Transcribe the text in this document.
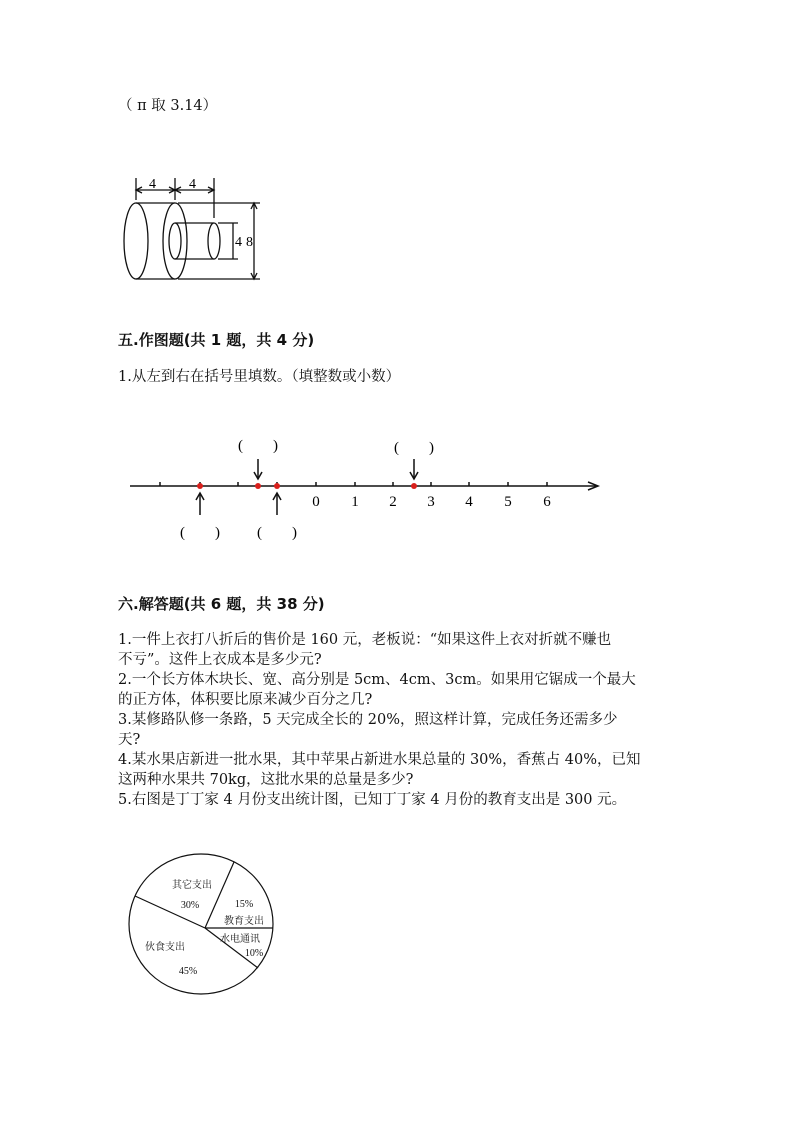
（ π 取 3.14）
4 4
4 8
五.作图题(共 1 题，共 4 分)
1.从左到右在括号里填数。（填整数或小数）
0 1 2 3 4 5 6
(　　)	(　　)
(　　) (　　)
六.解答题(共 6 题，共 38 分)
1.一件上衣打八折后的售价是 160 元，老板说：“如果这件上衣对折就不赚也
不亏”。这件上衣成本是多少元?
2.一个长方体木块长、宽、高分别是 5cm、4cm、3cm。如果用它锯成一个最大
的正方体，体积要比原来减少百分之几?
3.某修路队修一条路，5 天完成全长的 20%，照这样计算，完成任务还需多少
天?
4.某水果店新进一批水果，其中苹果占新进水果总量的 30%，香蕉占 40%，已知
这两种水果共 70kg，这批水果的总量是多少?
5.右图是丁丁家 4 月份支出统计图，已知丁丁家 4 月份的教育支出是 300 元。
其它支出
30%	15%
教育支出
水电通讯
10%
伙食支出
45%
